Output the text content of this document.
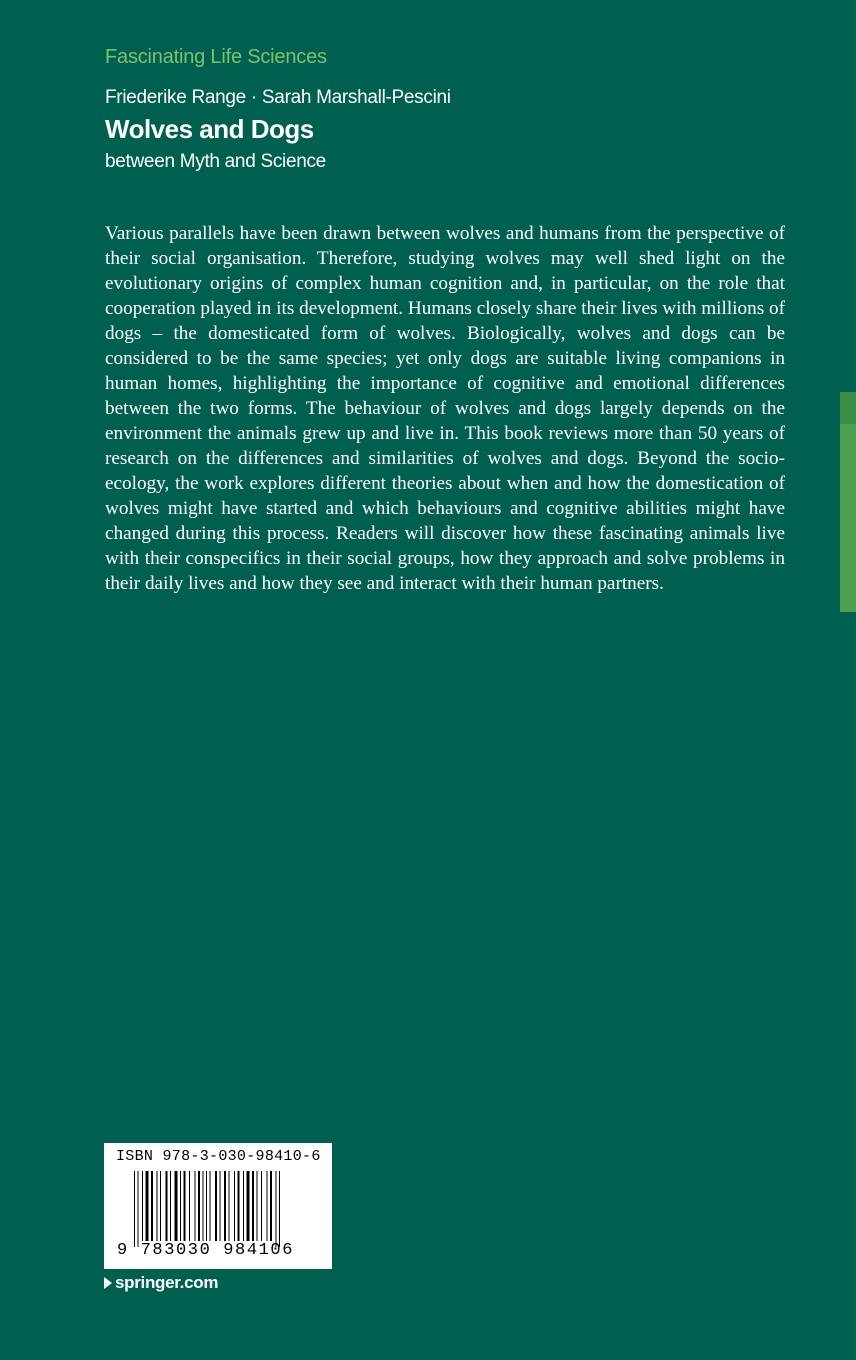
Fascinating Life Sciences
Friederike Range · Sarah Marshall-Pescini
Wolves and Dogs
between Myth and Science

Various parallels have been drawn between wolves and humans from the perspective of their social organisation. Therefore, studying wolves may well shed light on the evolutionary origins of complex human cognition and, in particular, on the role that cooperation played in its development. Humans closely share their lives with millions of dogs – the domesticated form of wolves. Biologically, wolves and dogs can be considered to be the same species; yet only dogs are suitable living companions in human homes, highlighting the importance of cognitive and emotional differences between the two forms. The behaviour of wolves and dogs largely depends on the environment the animals grew up and live in. This book reviews more than 50 years of research on the differences and similarities of wolves and dogs. Beyond the socio-ecology, the work explores different theories about when and how the domestication of wolves might have started and which behaviours and cognitive abilities might have changed during this process. Readers will discover how these fascinating animals live with their conspecifics in their social groups, how they approach and solve problems in their daily lives and how they see and interact with their human partners.

ISBN 978-3-030-98410-6
9 783030 984106
springer.com
